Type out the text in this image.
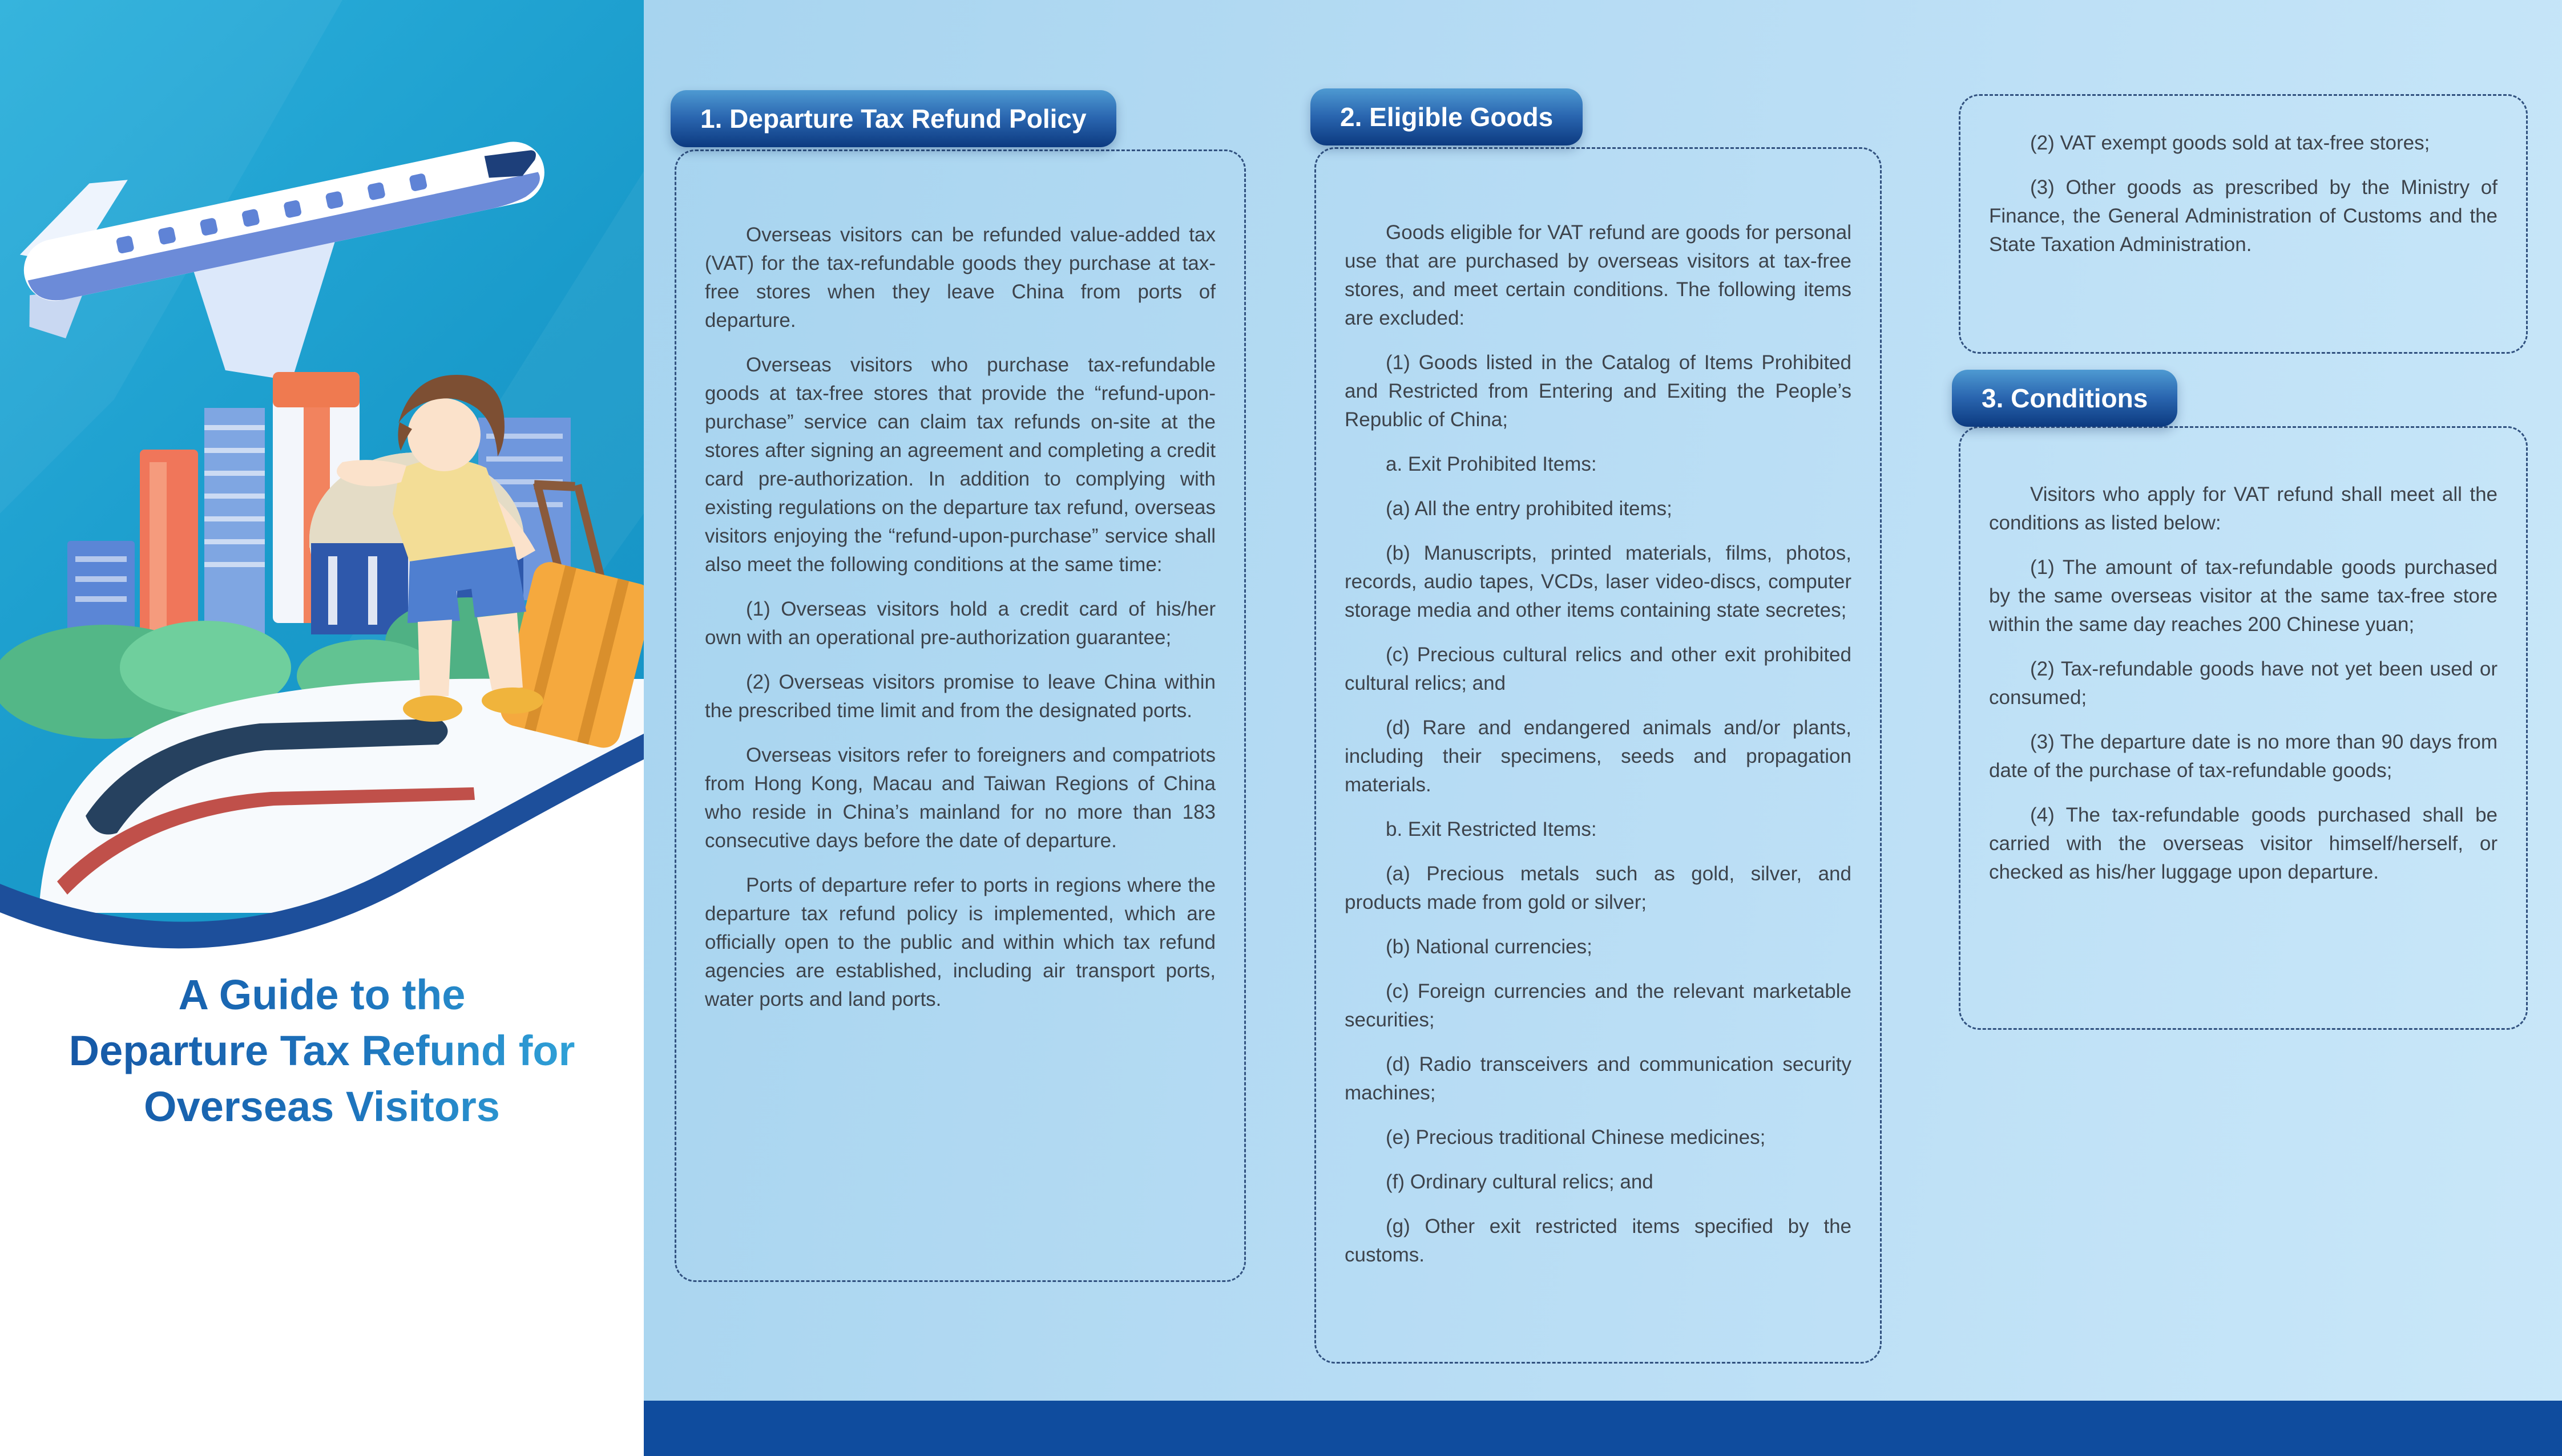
A Guide to the
Departure Tax Refund for
Overseas Visitors
1. Departure Tax Refund Policy

Overseas visitors can be refunded value-added tax (VAT) for the tax-refundable goods they purchase at tax-free stores when they leave China from ports of departure.

Overseas visitors who purchase tax-refundable goods at tax-free stores that provide the “refund-upon-purchase” service can claim tax refunds on-site at the stores after signing an agreement and completing a credit card pre-authorization. In addition to complying with existing regulations on the departure tax refund, overseas visitors enjoying the “refund-upon-purchase” service shall also meet the following conditions at the same time:

(1) Overseas visitors hold a credit card of his/her own with an operational pre-authorization guarantee;

(2) Overseas visitors promise to leave China within the prescribed time limit and from the designated ports.

Overseas visitors refer to foreigners and compatriots from Hong Kong, Macau and Taiwan Regions of China who reside in China’s mainland for no more than 183 consecutive days before the date of departure.

Ports of departure refer to ports in regions where the departure tax refund policy is implemented, which are officially open to the public and within which tax refund agencies are established, including air transport ports, water ports and land ports.

2. Eligible Goods

Goods eligible for VAT refund are goods for personal use that are purchased by overseas visitors at tax-free stores, and meet certain conditions. The following items are excluded:

(1) Goods listed in the Catalog of Items Prohibited and Restricted from Entering and Exiting the People’s Republic of China;

a. Exit Prohibited Items:

(a) All the entry prohibited items;

(b) Manuscripts, printed materials, films, photos, records, audio tapes, VCDs, laser video-discs, computer storage media and other items containing state secretes;

(c) Precious cultural relics and other exit prohibited cultural relics; and

(d) Rare and endangered animals and/or plants, including their specimens, seeds and propagation materials.

b. Exit Restricted Items:

(a) Precious metals such as gold, silver, and products made from gold or silver;

(b) National currencies;

(c) Foreign currencies and the relevant marketable securities;

(d) Radio transceivers and communication security machines;

(e) Precious traditional Chinese medicines;

(f) Ordinary cultural relics; and

(g) Other exit restricted items specified by the customs.

(2) VAT exempt goods sold at tax-free stores;

(3) Other goods as prescribed by the Ministry of Finance, the General Administration of Customs and the State Taxation Administration.

3. Conditions

Visitors who apply for VAT refund shall meet all the conditions as listed below:

(1) The amount of tax-refundable goods purchased by the same overseas visitor at the same tax-free store within the same day reaches 200 Chinese yuan;

(2) Tax-refundable goods have not yet been used or consumed;

(3) The departure date is no more than 90 days from date of the purchase of tax-refundable goods;

(4) The tax-refundable goods purchased shall be carried with the overseas visitor himself/herself, or checked as his/her luggage upon departure.
